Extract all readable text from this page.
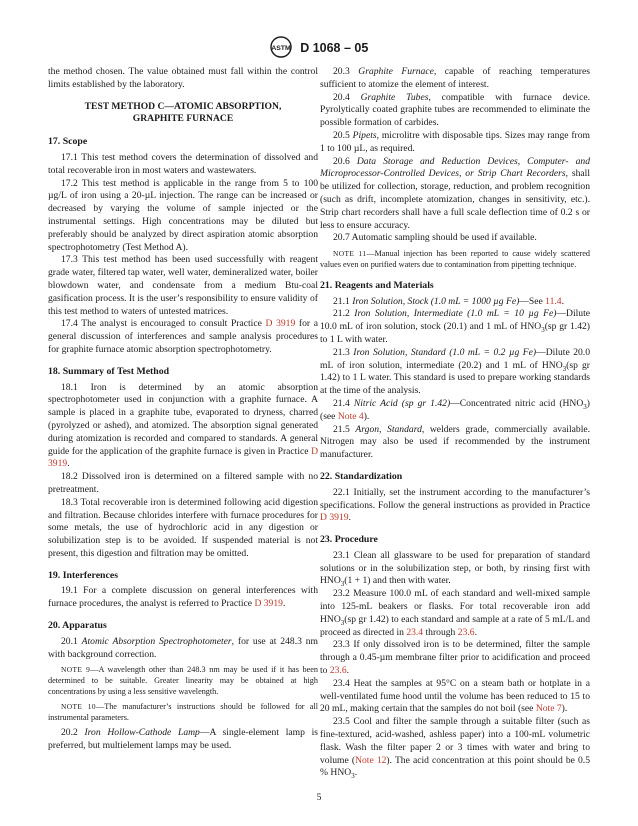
ASTM D 1068 – 05

the method chosen. The value obtained must fall within the control limits established by the laboratory.

TEST METHOD C—ATOMIC ABSORPTION,
GRAPHITE FURNACE
17. Scope

17.1 This test method covers the determination of dissolved and total recoverable iron in most waters and wastewaters.

17.2 This test method is applicable in the range from 5 to 100 µg/L of iron using a 20-µL injection. The range can be increased or decreased by varying the volume of sample injected or the instrumental settings. High concentrations may be diluted but preferably should be analyzed by direct aspiration atomic absorption spectrophotometry (Test Method A).

17.3 This test method has been used successfully with reagent grade water, filtered tap water, well water, demineralized water, boiler blowdown water, and condensate from a medium Btu-coal gasification process. It is the user’s responsibility to ensure validity of this test method to waters of untested matrices.

17.4 The analyst is encouraged to consult Practice D 3919 for a general discussion of interferences and sample analysis procedures for graphite furnace atomic absorption spectrophotometry.

18. Summary of Test Method

18.1 Iron is determined by an atomic absorption spectrophotometer used in conjunction with a graphite furnace. A sample is placed in a graphite tube, evaporated to dryness, charred (pyrolyzed or ashed), and atomized. The absorption signal generated during atomization is recorded and compared to standards. A general guide for the application of the graphite furnace is given in Practice D 3919.

18.2 Dissolved iron is determined on a filtered sample with no pretreatment.

18.3 Total recoverable iron is determined following acid digestion and filtration. Because chlorides interfere with furnace procedures for some metals, the use of hydrochloric acid in any digestion or solubilization step is to be avoided. If suspended material is not present, this digestion and filtration may be omitted.

19. Interferences

19.1 For a complete discussion on general interferences with furnace procedures, the analyst is referred to Practice D 3919.

20. Apparatus

20.1 Atomic Absorption Spectrophotometer, for use at 248.3 nm with background correction.

NOTE 9—A wavelength other than 248.3 nm may be used if it has been determined to be suitable. Greater linearity may be obtained at high concentrations by using a less sensitive wavelength.

NOTE 10—The manufacturer’s instructions should be followed for all instrumental parameters.

20.2 Iron Hollow-Cathode Lamp—A single-element lamp is preferred, but multielement lamps may be used.

20.3 Graphite Furnace, capable of reaching temperatures sufficient to atomize the element of interest.

20.4 Graphite Tubes, compatible with furnace device. Pyrolytically coated graphite tubes are recommended to eliminate the possible formation of carbides.

20.5 Pipets, microlitre with disposable tips. Sizes may range from 1 to 100 µL, as required.

20.6 Data Storage and Reduction Devices, Computer- and Microprocessor-Controlled Devices, or Strip Chart Recorders, shall be utilized for collection, storage, reduction, and problem recognition (such as drift, incomplete atomization, changes in sensitivity, etc.). Strip chart recorders shall have a full scale deflection time of 0.2 s or less to ensure accuracy.

20.7 Automatic sampling should be used if available.

NOTE 11—Manual injection has been reported to cause widely scattered values even on purified waters due to contamination from pipetting technique.

21. Reagents and Materials

21.1 Iron Solution, Stock (1.0 mL = 1000 µg Fe)—See 11.4.

21.2 Iron Solution, Intermediate (1.0 mL = 10 µg Fe)—Dilute 10.0 mL of iron solution, stock (20.1) and 1 mL of $HNO_3(sp$ gr 1.42) to 1 L with water.

21.3 Iron Solution, Standard (1.0 mL = 0.2 µg Fe)—Dilute 20.0 mL of iron solution, intermediate (20.2) and 1 mL of $HNO_3(sp$ gr 1.42) to 1 L water. This standard is used to prepare working standards at the time of the analysis.

21.4 Nitric Acid (sp gr 1.42)—Concentrated nitric acid $(HNO_3)$ (see Note 4).

21.5 Argon, Standard, welders grade, commercially available. Nitrogen may also be used if recommended by the instrument manufacturer.

22. Standardization

22.1 Initially, set the instrument according to the manufacturer’s specifications. Follow the general instructions as provided in Practice D 3919.

23. Procedure

23.1 Clean all glassware to be used for preparation of standard solutions or in the solubilization step, or both, by rinsing first with $HNO_3(1 + 1)$ and then with water.

23.2 Measure 100.0 mL of each standard and well-mixed sample into 125-mL beakers or flasks. For total recoverable iron add $HNO_3(sp$ gr 1.42) to each standard and sample at a rate of 5 mL/L and proceed as directed in 23.4 through 23.6.

23.3 If only dissolved iron is to be determined, filter the sample through a 0.45-µm membrane filter prior to acidification and proceed to 23.6.

23.4 Heat the samples at 95°C on a steam bath or hotplate in a well-ventilated fume hood until the volume has been reduced to 15 to 20 mL, making certain that the samples do not boil (see Note 7).

23.5 Cool and filter the sample through a suitable filter (such as fine-textured, acid-washed, ashless paper) into a 100-mL volumetric flask. Wash the filter paper 2 or 3 times with water and bring to volume (Note 12). The acid concentration at this point should be 0.5 % $HNO_3$.

5
